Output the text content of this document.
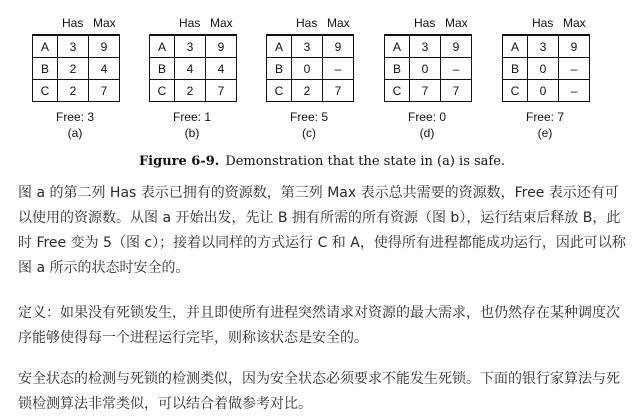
Has Max
A	3	9
B	2	4
C	2	7
Free: 3
(a)
Has Max
A	3	9
B	4	4
C	2	7
Free: 1
(b)
Has Max
A	3	9
B	0	–
C	2	7
Free: 5
(c)
Has Max
A	3	9
B	0	–
C	7	7
Free: 0
(d)
Has Max
A	3	9
B	0	–
C	0	–
Free: 7
(e)
Figure 6-9. Demonstration that the state in (a) is safe.

图 a 的第二列 Has 表示已拥有的资源数，第三列 Max 表示总共需要的资源数，Free 表示还有可以使用的资源数。从图 a 开始出发，先让 B 拥有所需的所有资源（图 b），运行结束后释放 B，此时 Free 变为 5（图 c）；接着以同样的方式运行 C 和 A，使得所有进程都能成功运行，因此可以称图 a 所示的状态时安全的。

定义：如果没有死锁发生，并且即使所有进程突然请求对资源的最大需求，也仍然存在某种调度次序能够使得每一个进程运行完毕，则称该状态是安全的。

安全状态的检测与死锁的检测类似，因为安全状态必须要求不能发生死锁。下面的银行家算法与死锁检测算法非常类似，可以结合着做参考对比。
